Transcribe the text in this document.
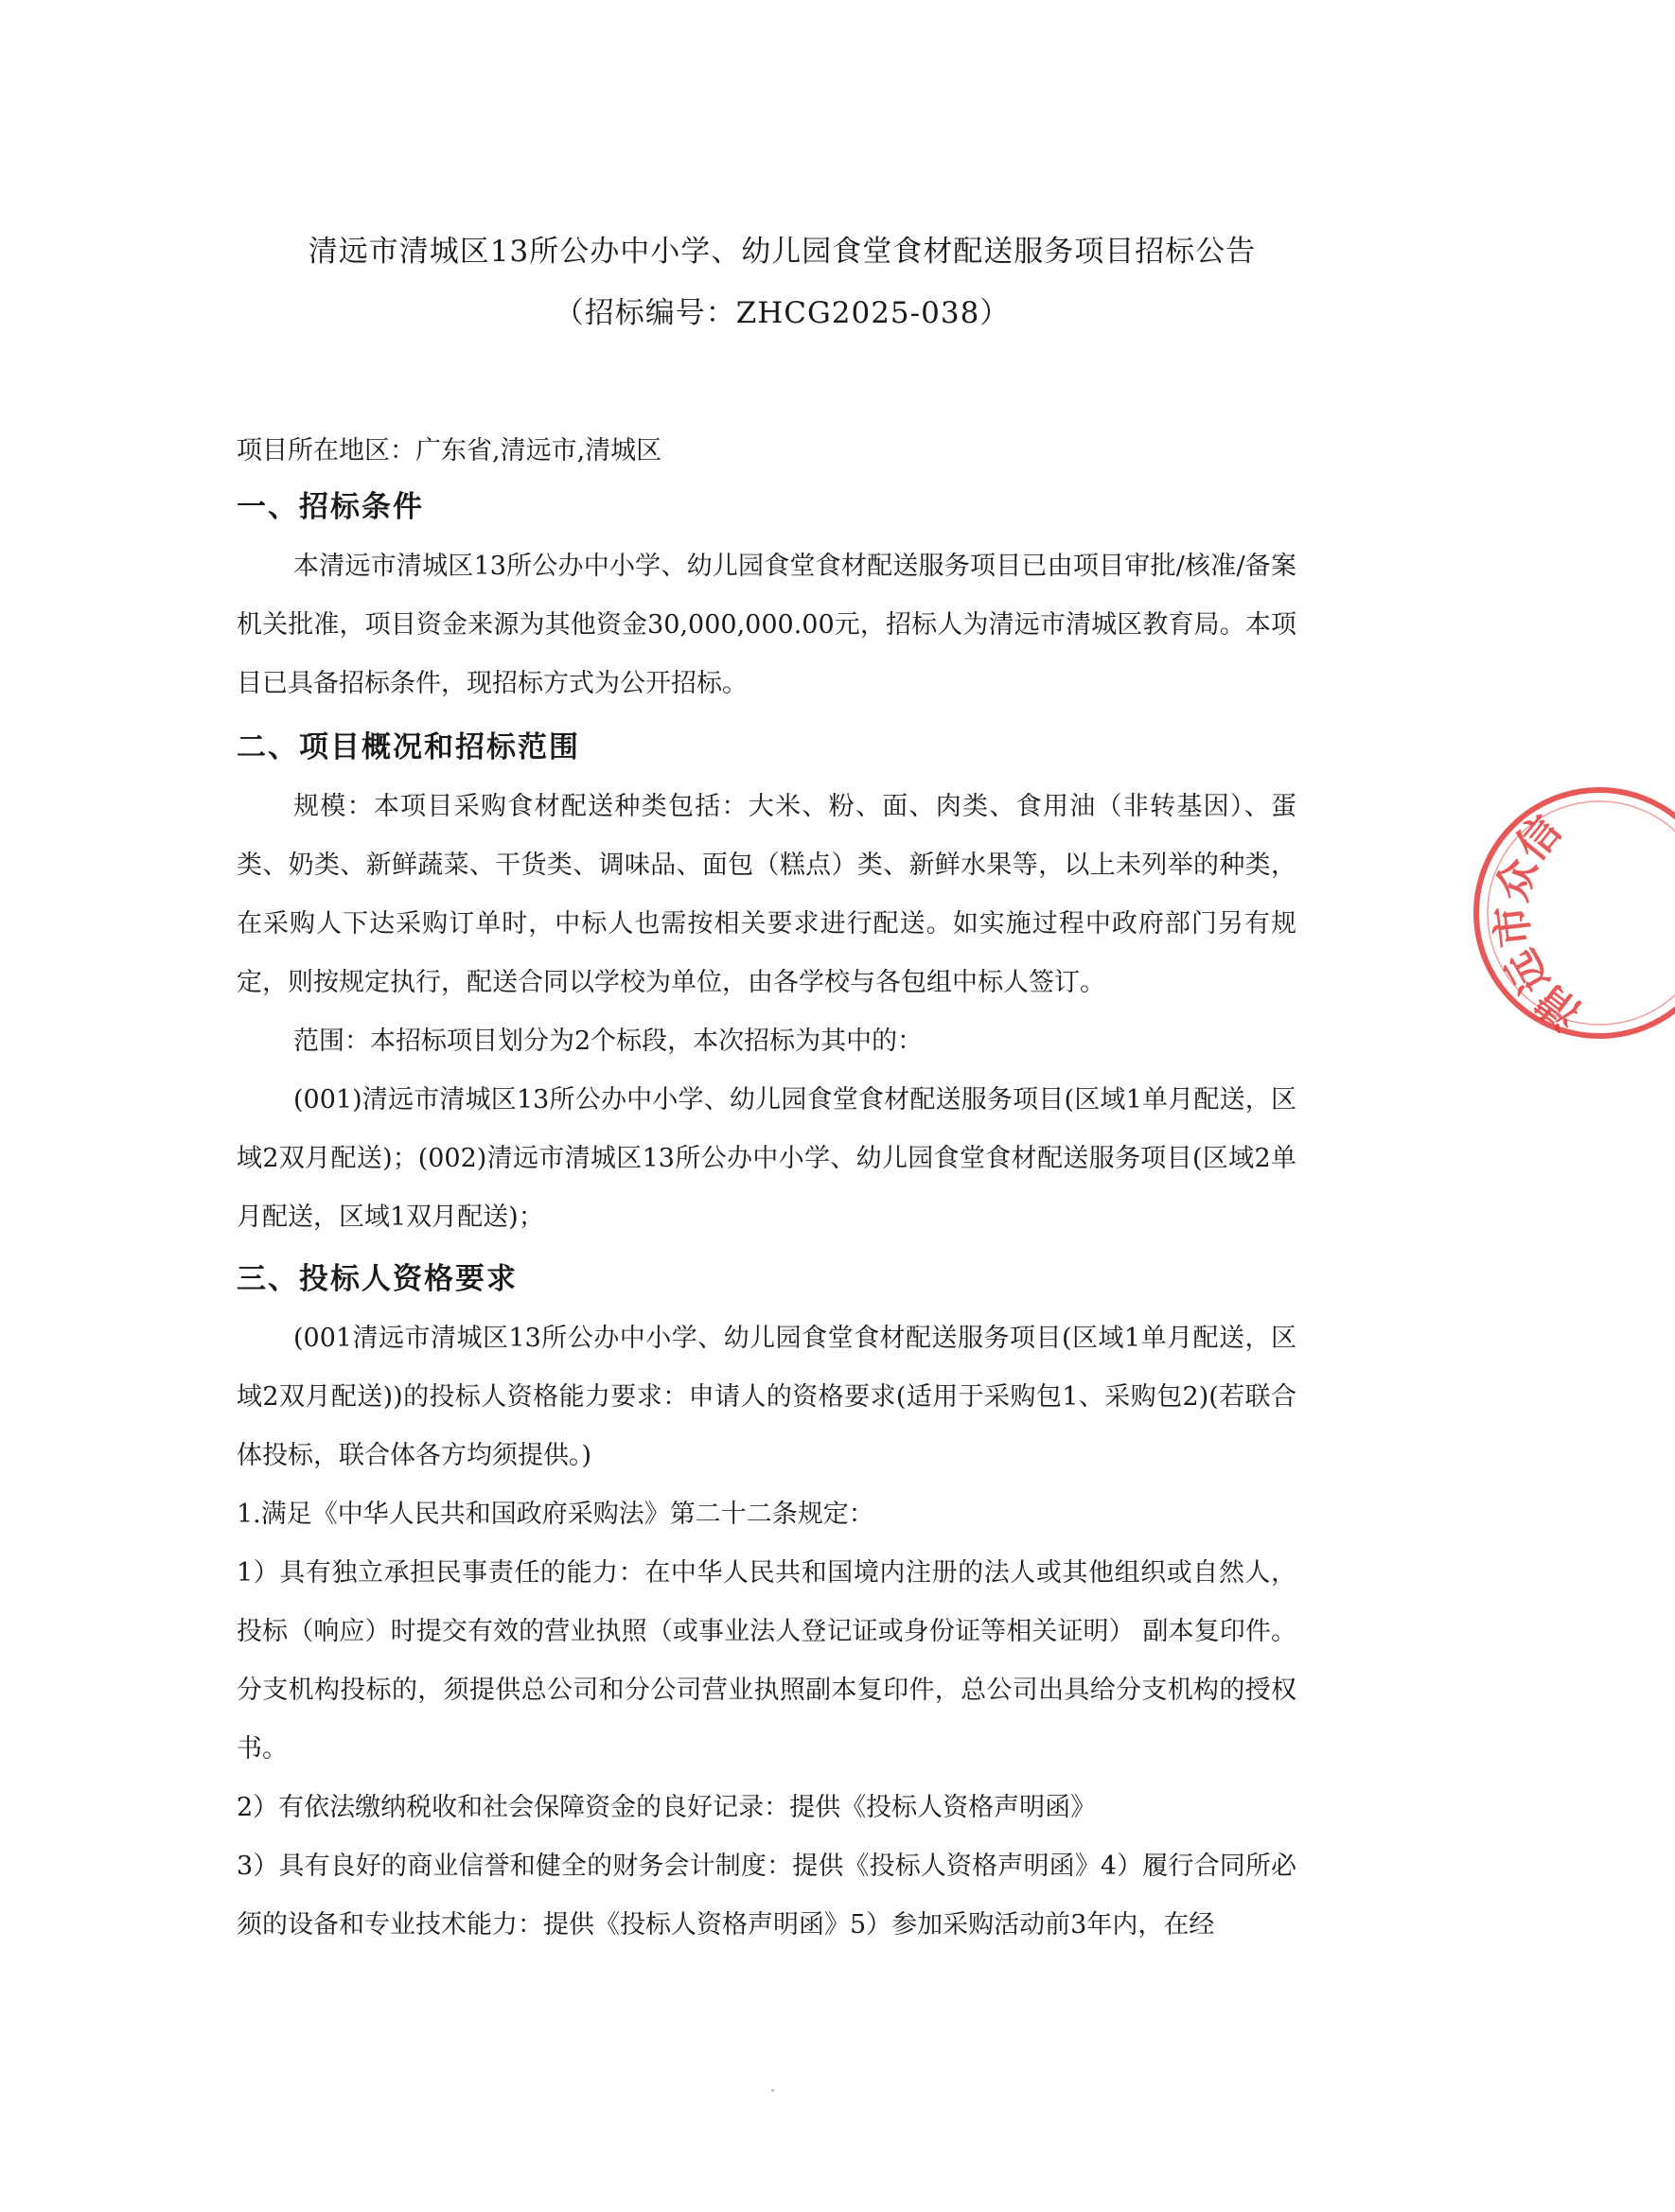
清远市清城区13所公办中小学、幼儿园食堂食材配送服务项目招标公告
（招标编号：ZHCG2025-038）

项目所在地区：广东省,清远市,清城区

一、招标条件

本清远市清城区13所公办中小学、幼儿园食堂食材配送服务项目已由项目审批/核准/备案机关批准，项目资金来源为其他资金30,000,000.00元，招标人为清远市清城区教育局。本项目已具备招标条件，现招标方式为公开招标。

二、项目概况和招标范围

规模：本项目采购食材配送种类包括：大米、粉、面、肉类、食用油（非转基因）、蛋类、奶类、新鲜蔬菜、干货类、调味品、面包（糕点）类、新鲜水果等，以上未列举的种类，在采购人下达采购订单时，中标人也需按相关要求进行配送。如实施过程中政府部门另有规定，则按规定执行，配送合同以学校为单位，由各学校与各包组中标人签订。

范围：本招标项目划分为2个标段，本次招标为其中的：

(001)清远市清城区13所公办中小学、幼儿园食堂食材配送服务项目(区域1单月配送，区域2双月配送)；(002)清远市清城区13所公办中小学、幼儿园食堂食材配送服务项目(区域2单月配送，区域1双月配送)；

三、投标人资格要求

(001清远市清城区13所公办中小学、幼儿园食堂食材配送服务项目(区域1单月配送，区域2双月配送))的投标人资格能力要求：申请人的资格要求(适用于采购包1、采购包2)(若联合体投标，联合体各方均须提供。)

1.满足《中华人民共和国政府采购法》第二十二条规定：

1）具有独立承担民事责任的能力：在中华人民共和国境内注册的法人或其他组织或自然人，投标（响应）时提交有效的营业执照（或事业法人登记证或身份证等相关证明） 副本复印件。分支机构投标的，须提供总公司和分公司营业执照副本复印件，总公司出具给分支机构的授权书。

2）有依法缴纳税收和社会保障资金的良好记录：提供《投标人资格声明函》

3）具有良好的商业信誉和健全的财务会计制度：提供《投标人资格声明函》4）履行合同所必须的设备和专业技术能力：提供《投标人资格声明函》5）参加采购活动前3年内，在经

清远市众信
